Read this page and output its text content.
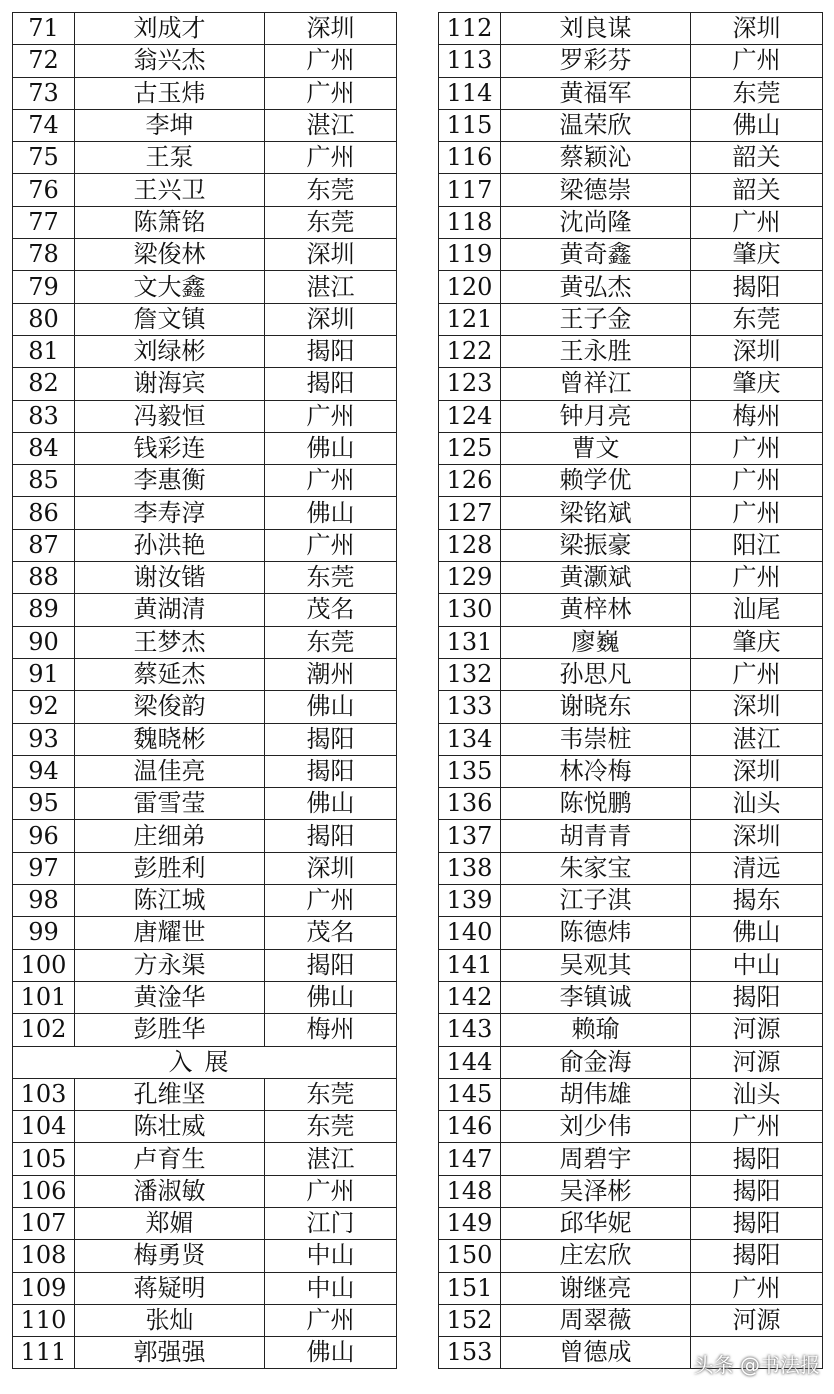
71	刘成才	深圳
72	翁兴杰	广州
73	古玉炜	广州
74	李坤	湛江
75	王泵	广州
76	王兴卫	东莞
77	陈箫铭	东莞
78	梁俊林	深圳
79	文大鑫	湛江
80	詹文镇	深圳
81	刘绿彬	揭阳
82	谢海宾	揭阳
83	冯毅恒	广州
84	钱彩连	佛山
85	李惠衡	广州
86	李寿淳	佛山
87	孙洪艳	广州
88	谢汝锴	东莞
89	黄湖清	茂名
90	王梦杰	东莞
91	蔡延杰	潮州
92	梁俊韵	佛山
93	魏晓彬	揭阳
94	温佳亮	揭阳
95	雷雪莹	佛山
96	庄细弟	揭阳
97	彭胜利	深圳
98	陈江城	广州
99	唐耀世	茂名
100	方永渠	揭阳
101	黄淦华	佛山
102	彭胜华	梅州
入展		
103	孔维坚	东莞
104	陈壮威	东莞
105	卢育生	湛江
106	潘淑敏	广州
107	郑媚	江门
108	梅勇贤	中山
109	蒋疑明	中山
110	张灿	广州
111	郭强强	佛山
112	刘良谋	深圳
113	罗彩芬	广州
114	黄福军	东莞
115	温荣欣	佛山
116	蔡颖沁	韶关
117	梁德崇	韶关
118	沈尚隆	广州
119	黄奇鑫	肇庆
120	黄弘杰	揭阳
121	王子金	东莞
122	王永胜	深圳
123	曾祥江	肇庆
124	钟月亮	梅州
125	曹文	广州
126	赖学优	广州
127	梁铭斌	广州
128	梁振豪	阳江
129	黄灏斌	广州
130	黄梓林	汕尾
131	廖巍	肇庆
132	孙思凡	广州
133	谢晓东	深圳
134	韦崇桩	湛江
135	林冷梅	深圳
136	陈悦鹏	汕头
137	胡青青	深圳
138	朱家宝	清远
139	江子淇	揭东
140	陈德炜	佛山
141	吴观其	中山
142	李镇诚	揭阳
143	赖瑜	河源
144	俞金海	河源
145	胡伟雄	汕头
146	刘少伟	广州
147	周碧宇	揭阳
148	吴泽彬	揭阳
149	邱华妮	揭阳
150	庄宏欣	揭阳
151	谢继亮	广州
152	周翠薇	河源
153	曾德成		头条 @书法报
